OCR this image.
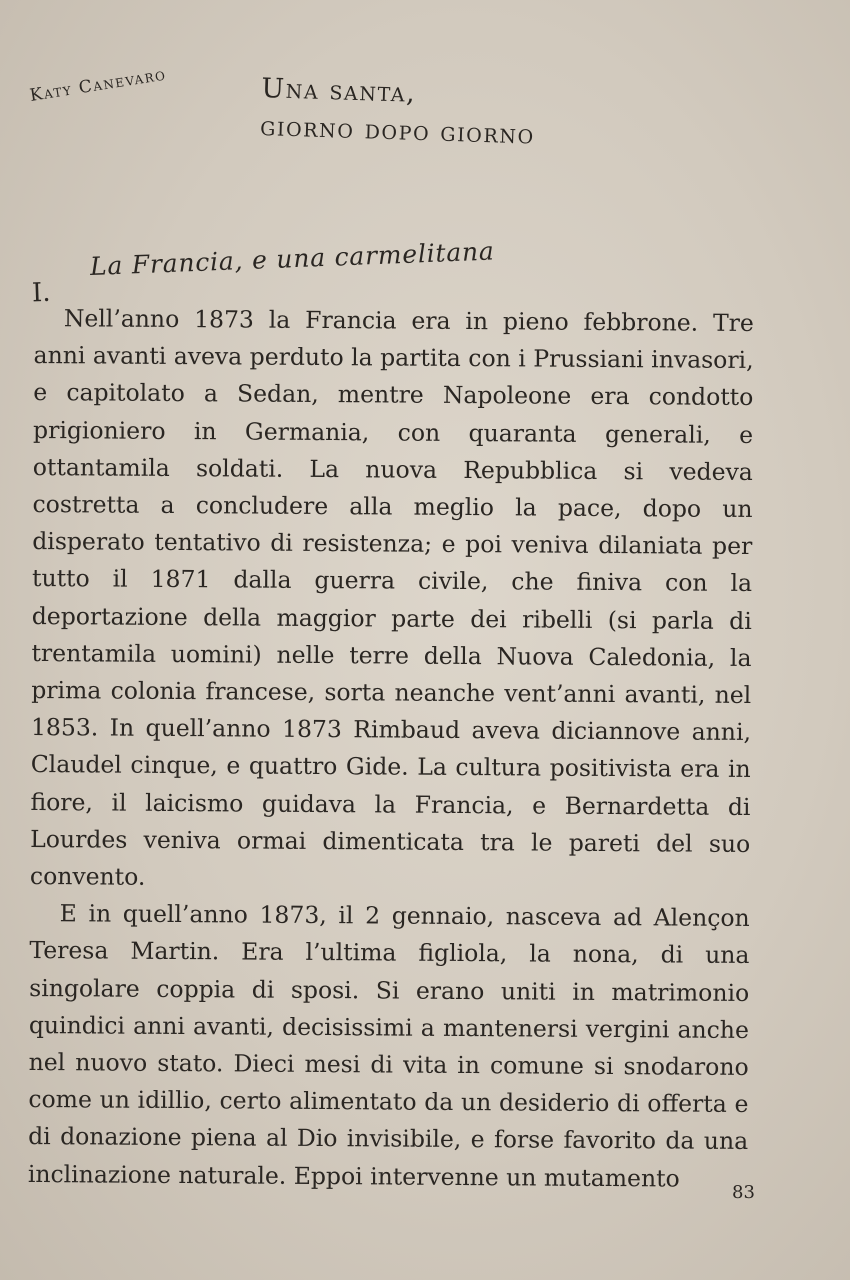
Katy Canevaro	Una santa,
giorno dopo giorno
I.
La Francia, e una carmelitana

Nell’anno 1873 la Francia era in pieno febbrone. Tre anni avanti aveva perduto la partita con i Prussiani invasori, e capitolato a Sedan, mentre Napoleone era condotto prigioniero in Germania, con quaranta generali, e ottantamila soldati. La nuova Repubblica si vedeva costretta a concludere alla meglio la pace, dopo un disperato tentativo di resistenza; e poi veniva dilaniata per tutto il 1871 dalla guerra civile, che finiva con la deportazione della maggior parte dei ribelli (si parla di trentamila uomini) nelle terre della Nuova Caledonia, la prima colonia francese, sorta neanche vent’anni avanti, nel 1853. In quell’anno 1873 Rimbaud aveva diciannove anni, Claudel cinque, e quattro Gide. La cultura positivista era in fiore, il laicismo guidava la Francia, e Bernardetta di Lourdes veniva ormai dimenticata tra le pareti del suo convento.

E in quell’anno 1873, il 2 gennaio, nasceva ad Alençon Teresa Martin. Era l’ultima figliola, la nona, di una singolare coppia di sposi. Si erano uniti in matrimonio quindici anni avanti, decisissimi a mantenersi vergini anche nel nuovo stato. Dieci mesi di vita in comune si snodarono come un idillio, certo alimentato da un desiderio di offerta e di donazione piena al Dio invisibile, e forse favorito da una inclinazione naturale. Eppoi intervenne un mutamento

83
